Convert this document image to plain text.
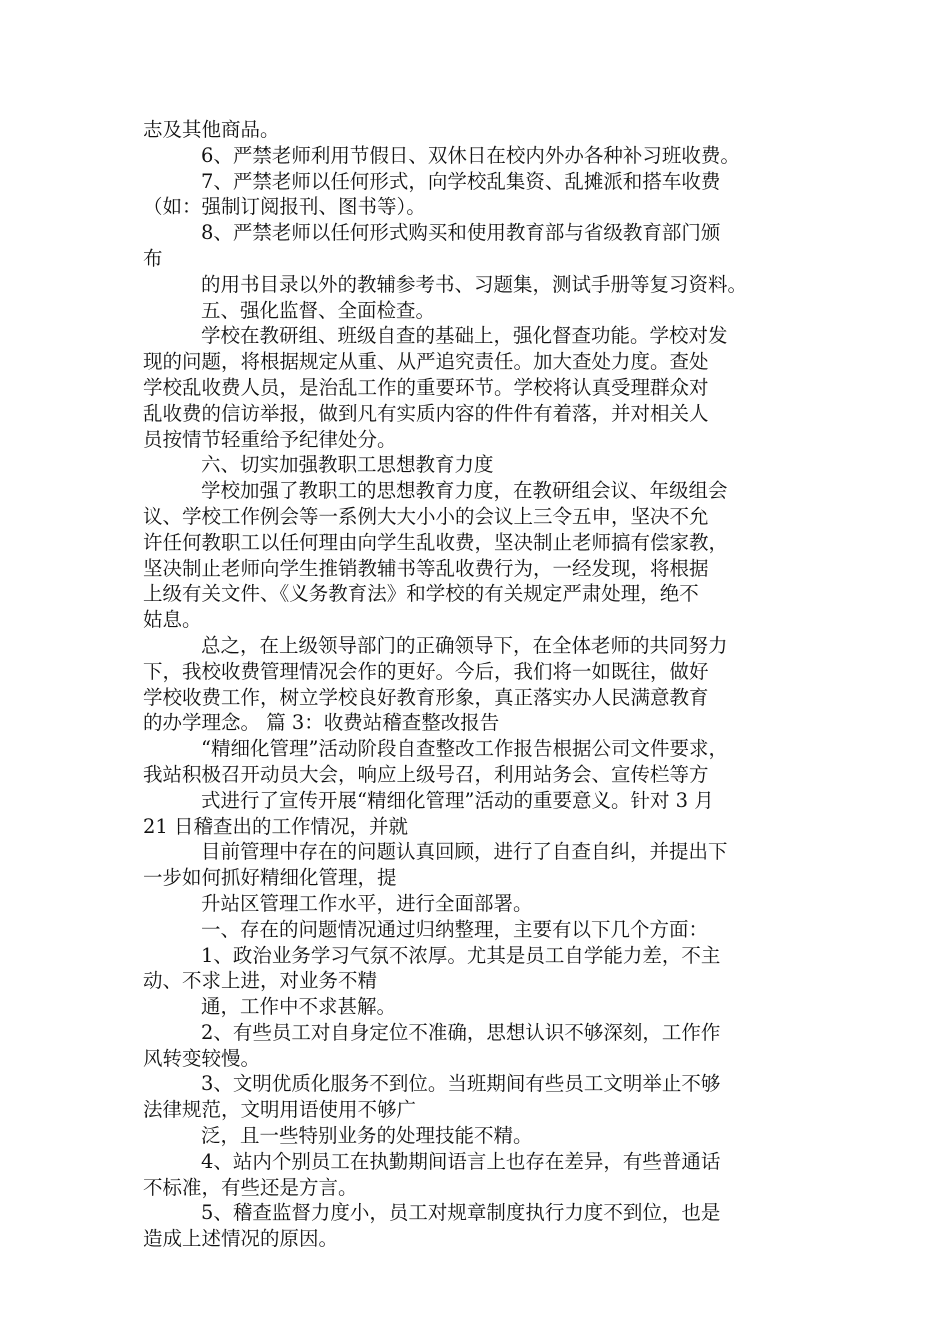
志及其他商品。
6、严禁老师利用节假日、双休日在校内外办各种补习班收费。
7、严禁老师以任何形式，向学校乱集资、乱摊派和搭车收费
（如：强制订阅报刊、图书等）。
8、严禁老师以任何形式购买和使用教育部与省级教育部门颁
布
的用书目录以外的教辅参考书、习题集，测试手册等复习资料。
五、强化监督、全面检查。
学校在教研组、班级自查的基础上，强化督查功能。学校对发
现的问题，将根据规定从重、从严追究责任。加大查处力度。查处
学校乱收费人员，是治乱工作的重要环节。学校将认真受理群众对
乱收费的信访举报，做到凡有实质内容的件件有着落，并对相关人
员按情节轻重给予纪律处分。
六、切实加强教职工思想教育力度
学校加强了教职工的思想教育力度，在教研组会议、年级组会
议、学校工作例会等一系例大大小小的会议上三令五申，坚决不允
许任何教职工以任何理由向学生乱收费，坚决制止老师搞有偿家教，
坚决制止老师向学生推销教辅书等乱收费行为，一经发现，将根据
上级有关文件、《义务教育法》和学校的有关规定严肃处理，绝不
姑息。
总之，在上级领导部门的正确领导下，在全体老师的共同努力
下，我校收费管理情况会作的更好。今后，我们将一如既往，做好
学校收费工作，树立学校良好教育形象，真正落实办人民满意教育
的办学理念。 篇 3：收费站稽查整改报告
“精细化管理”活动阶段自查整改工作报告根据公司文件要求，
我站积极召开动员大会，响应上级号召，利用站务会、宣传栏等方
式进行了宣传开展“精细化管理”活动的重要意义。针对 3 月
21 日稽查出的工作情况，并就
目前管理中存在的问题认真回顾，进行了自查自纠，并提出下
一步如何抓好精细化管理，提
升站区管理工作水平，进行全面部署。
一、存在的问题情况通过归纳整理，主要有以下几个方面：
1、政治业务学习气氛不浓厚。尤其是员工自学能力差，不主
动、不求上进，对业务不精
通，工作中不求甚解。
2、有些员工对自身定位不准确，思想认识不够深刻，工作作
风转变较慢。
3、文明优质化服务不到位。当班期间有些员工文明举止不够
法律规范，文明用语使用不够广
泛，且一些特别业务的处理技能不精。
4、站内个别员工在执勤期间语言上也存在差异，有些普通话
不标准，有些还是方言。
5、稽查监督力度小，员工对规章制度执行力度不到位，也是
造成上述情况的原因。
